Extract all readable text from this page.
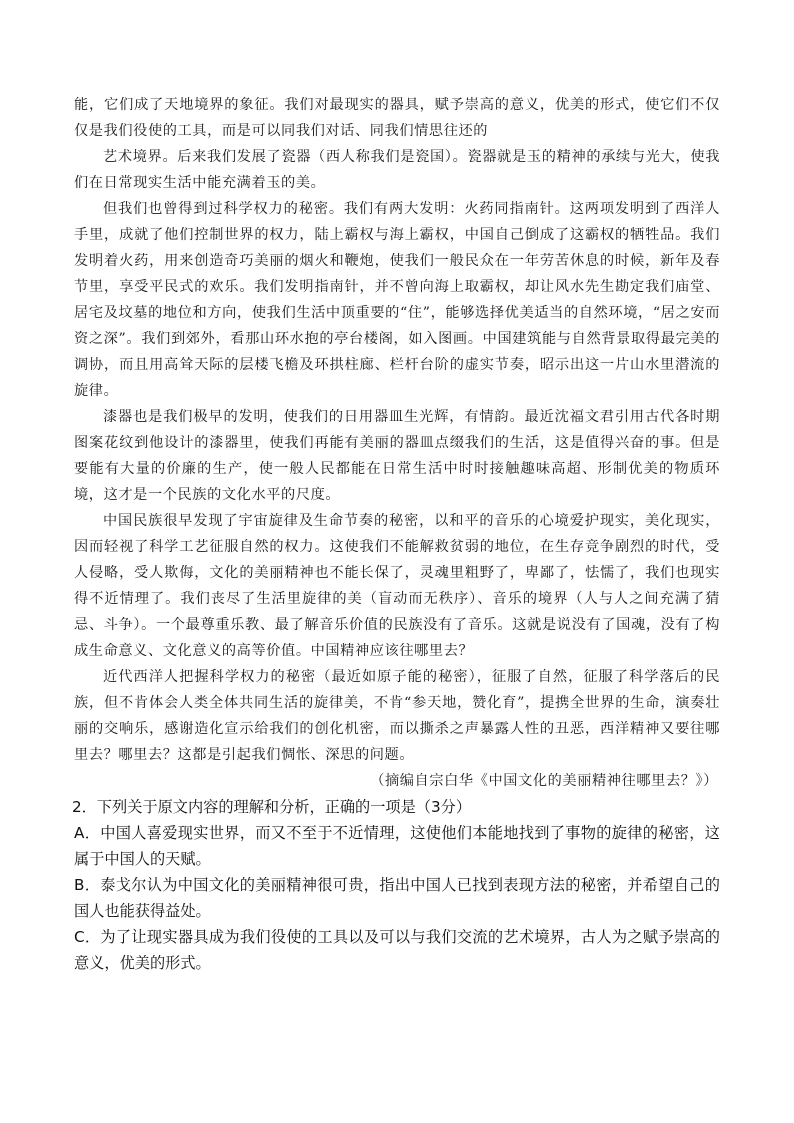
能，它们成了天地境界的象征。我们对最现实的器具，赋予崇高的意义，优美的形式，使它们不仅仅是我们役使的工具，而是可以同我们对话、同我们情思往还的

艺术境界。后来我们发展了瓷器（西人称我们是瓷国）。瓷器就是玉的精神的承续与光大，使我们在日常现实生活中能充满着玉的美。

但我们也曾得到过科学权力的秘密。我们有两大发明：火药同指南针。这两项发明到了西洋人手里，成就了他们控制世界的权力，陆上霸权与海上霸权，中国自己倒成了这霸权的牺牲品。我们发明着火药，用来创造奇巧美丽的烟火和鞭炮，使我们一般民众在一年劳苦休息的时候，新年及春节里，享受平民式的欢乐。我们发明指南针，并不曾向海上取霸权，却让风水先生勘定我们庙堂、居宅及坟墓的地位和方向，使我们生活中顶重要的“住”，能够选择优美适当的自然环境，“居之安而资之深”。我们到郊外，看那山环水抱的亭台楼阁，如入图画。中国建筑能与自然背景取得最完美的调协，而且用高耸天际的层楼飞檐及环拱柱廊、栏杆台阶的虚实节奏，昭示出这一片山水里潜流的旋律。

漆器也是我们极早的发明，使我们的日用器皿生光辉，有情韵。最近沈福文君引用古代各时期图案花纹到他设计的漆器里，使我们再能有美丽的器皿点缀我们的生活，这是值得兴奋的事。但是要能有大量的价廉的生产，使一般人民都能在日常生活中时时接触趣味高超、形制优美的物质环境，这才是一个民族的文化水平的尺度。

中国民族很早发现了宇宙旋律及生命节奏的秘密，以和平的音乐的心境爱护现实，美化现实，因而轻视了科学工艺征服自然的权力。这使我们不能解救贫弱的地位，在生存竞争剧烈的时代，受人侵略，受人欺侮，文化的美丽精神也不能长保了，灵魂里粗野了，卑鄙了，怯懦了，我们也现实得不近情理了。我们丧尽了生活里旋律的美（盲动而无秩序）、音乐的境界（人与人之间充满了猜忌、斗争）。一个最尊重乐教、最了解音乐价值的民族没有了音乐。这就是说没有了国魂，没有了构成生命意义、文化意义的高等价值。中国精神应该往哪里去？

近代西洋人把握科学权力的秘密（最近如原子能的秘密），征服了自然，征服了科学落后的民族，但不肯体会人类全体共同生活的旋律美，不肯“参天地，赞化育”，提携全世界的生命，演奏壮丽的交响乐，感谢造化宣示给我们的创化机密，而以撕杀之声暴露人性的丑恶，西洋精神又要往哪里去？哪里去？这都是引起我们惆怅、深思的问题。

（摘编自宗白华《中国文化的美丽精神往哪里去？》）

2．下列关于原文内容的理解和分析，正确的一项是（3分）

A．中国人喜爱现实世界，而又不至于不近情理，这使他们本能地找到了事物的旋律的秘密，这属于中国人的天赋。

B．泰戈尔认为中国文化的美丽精神很可贵，指出中国人已找到表现方法的秘密，并希望自己的国人也能获得益处。

C．为了让现实器具成为我们役使的工具以及可以与我们交流的艺术境界，古人为之赋予崇高的意义，优美的形式。
